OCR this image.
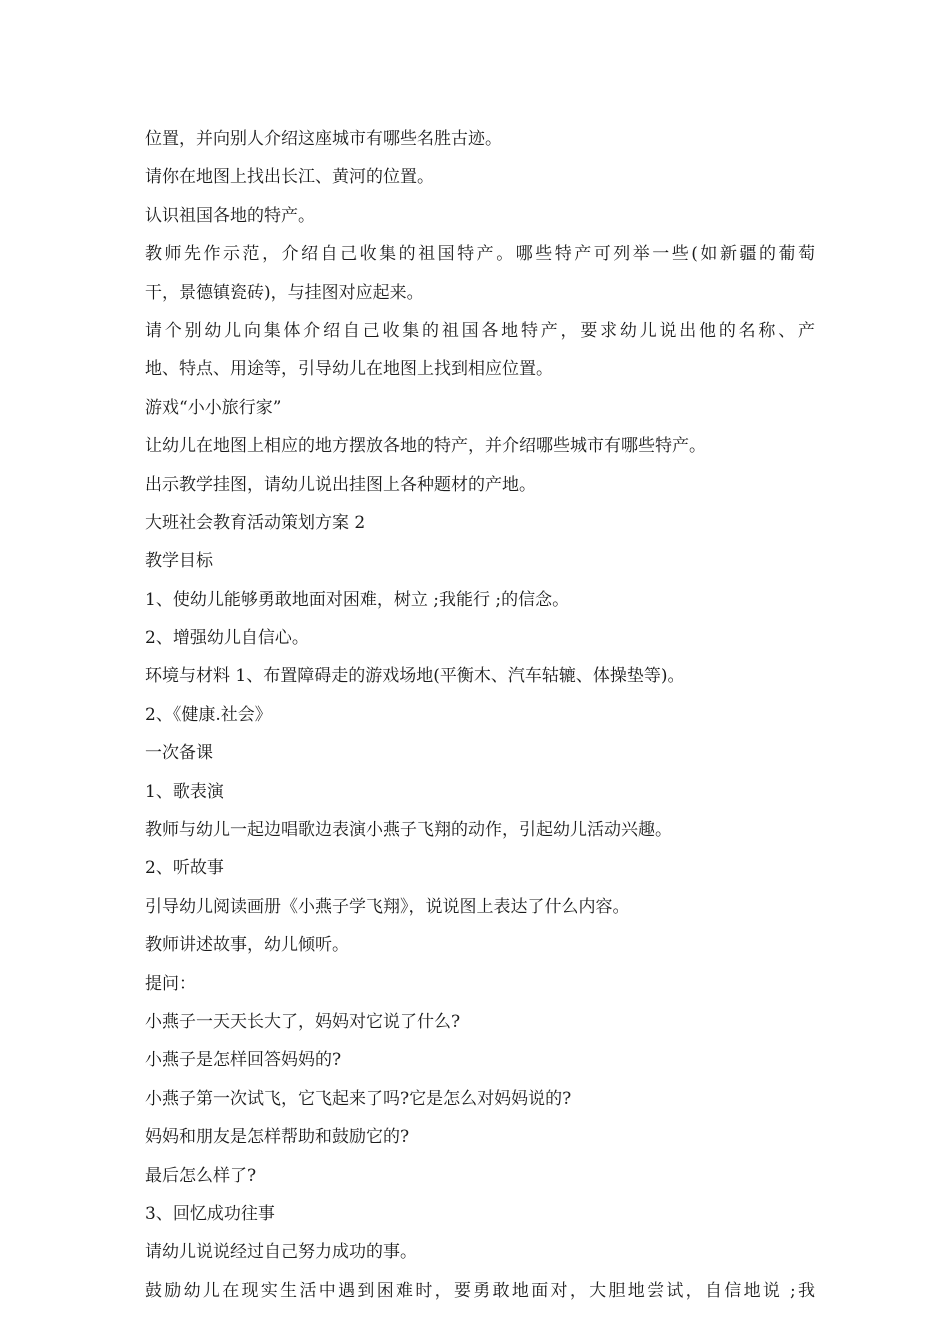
位置，并向别人介绍这座城市有哪些名胜古迹。
请你在地图上找出长江、黄河的位置。
认识祖国各地的特产。
教师先作示范，介绍自己收集的祖国特产。哪些特产可列举一些(如新疆的葡萄
干，景德镇瓷砖)，与挂图对应起来。
请个别幼儿向集体介绍自己收集的祖国各地特产，要求幼儿说出他的名称、产
地、特点、用途等，引导幼儿在地图上找到相应位置。
游戏“小小旅行家”
让幼儿在地图上相应的地方摆放各地的特产，并介绍哪些城市有哪些特产。
出示教学挂图，请幼儿说出挂图上各种题材的产地。
大班社会教育活动策划方案 2
教学目标
1、使幼儿能够勇敢地面对困难，树立 ;我能行 ;的信念。
2、增强幼儿自信心。
环境与材料 1、布置障碍走的游戏场地(平衡木、汽车轱辘、体操垫等)。
2、《健康.社会》
一次备课
1、歌表演
教师与幼儿一起边唱歌边表演小燕子飞翔的动作，引起幼儿活动兴趣。
2、听故事
引导幼儿阅读画册《小燕子学飞翔》，说说图上表达了什么内容。
教师讲述故事，幼儿倾听。
提问：
小燕子一天天长大了，妈妈对它说了什么?
小燕子是怎样回答妈妈的?
小燕子第一次试飞，它飞起来了吗?它是怎么对妈妈说的?
妈妈和朋友是怎样帮助和鼓励它的?
最后怎么样了?
3、回忆成功往事
请幼儿说说经过自己努力成功的事。
鼓励幼儿在现实生活中遇到困难时，要勇敢地面对，大胆地尝试，自信地说 ;我
